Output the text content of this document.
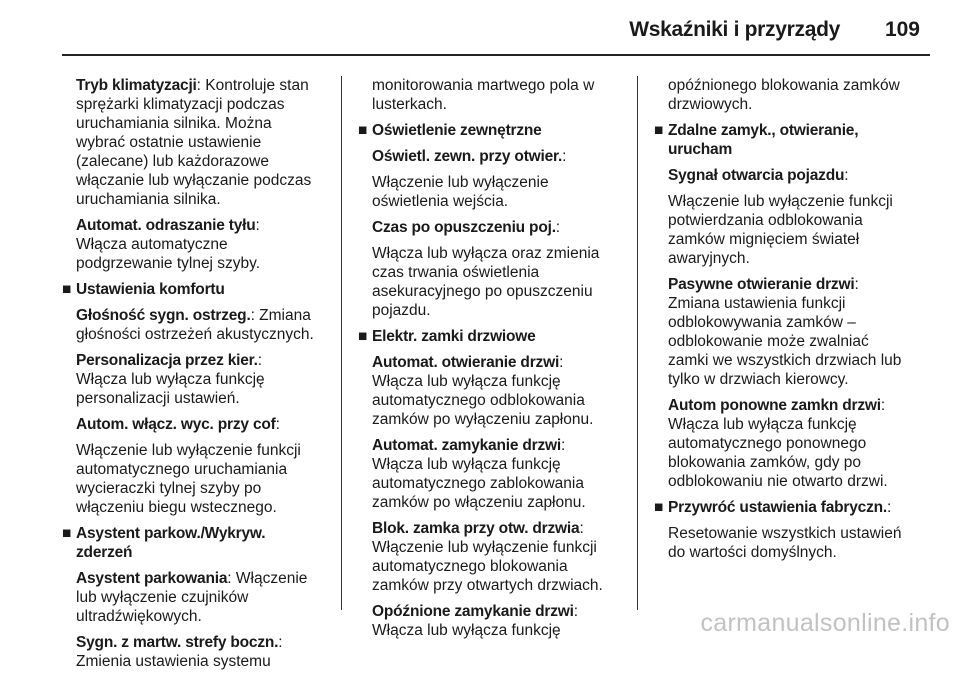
Wskaźniki i przyrządy 109

Tryb klimatyzacji: Kontroluje stan sprężarki klimatyzacji podczas uruchamiania silnika. Można wybrać ostatnie ustawienie (zalecane) lub każdorazowe włączanie lub wyłączanie podczas uruchamiania silnika.

Automat. odraszanie tyłu: Włącza automatyczne podgrzewanie tylnej szyby.

■ Ustawienia komfortu

Głośność sygn. ostrzeg.: Zmiana głośności ostrzeżeń akustycznych.

Personalizacja przez kier.: Włącza lub wyłącza funkcję personalizacji ustawień.

Autom. włącz. wyc. przy cof:

Włączenie lub wyłączenie funkcji automatycznego uruchamiania wycieraczki tylnej szyby po włączeniu biegu wstecznego.

■ Asystent parkow./Wykryw. zderzeń

Asystent parkowania: Włączenie lub wyłączenie czujników ultradźwiękowych.

Sygn. z martw. strefy boczn.: Zmienia ustawienia systemu

monitorowania martwego pola w lusterkach.

■ Oświetlenie zewnętrzne

Oświetl. zewn. przy otwier.:

Włączenie lub wyłączenie oświetlenia wejścia.

Czas po opuszczeniu poj.:

Włącza lub wyłącza oraz zmienia czas trwania oświetlenia asekuracyjnego po opuszczeniu pojazdu.

■ Elektr. zamki drzwiowe

Automat. otwieranie drzwi: Włącza lub wyłącza funkcję automatycznego odblokowania zamków po wyłączeniu zapłonu.

Automat. zamykanie drzwi: Włącza lub wyłącza funkcję automatycznego zablokowania zamków po włączeniu zapłonu.

Blok. zamka przy otw. drzwia: Włączenie lub wyłączenie funkcji automatycznego blokowania zamków przy otwartych drzwiach.

Opóźnione zamykanie drzwi: Włącza lub wyłącza funkcję

opóźnionego blokowania zamków drzwiowych.

■ Zdalne zamyk., otwieranie, urucham

Sygnał otwarcia pojazdu:

Włączenie lub wyłączenie funkcji potwierdzania odblokowania zamków mignięciem świateł awaryjnych.

Pasywne otwieranie drzwi: Zmiana ustawienia funkcji odblokowywania zamków – odblokowanie może zwalniać zamki we wszystkich drzwiach lub tylko w drzwiach kierowcy.

Autom ponowne zamkn drzwi: Włącza lub wyłącza funkcję automatycznego ponownego blokowania zamków, gdy po odblokowaniu nie otwarto drzwi.

■ Przywróć ustawienia fabryczn.:

Resetowanie wszystkich ustawień do wartości domyślnych.

carmanualsonline.info
